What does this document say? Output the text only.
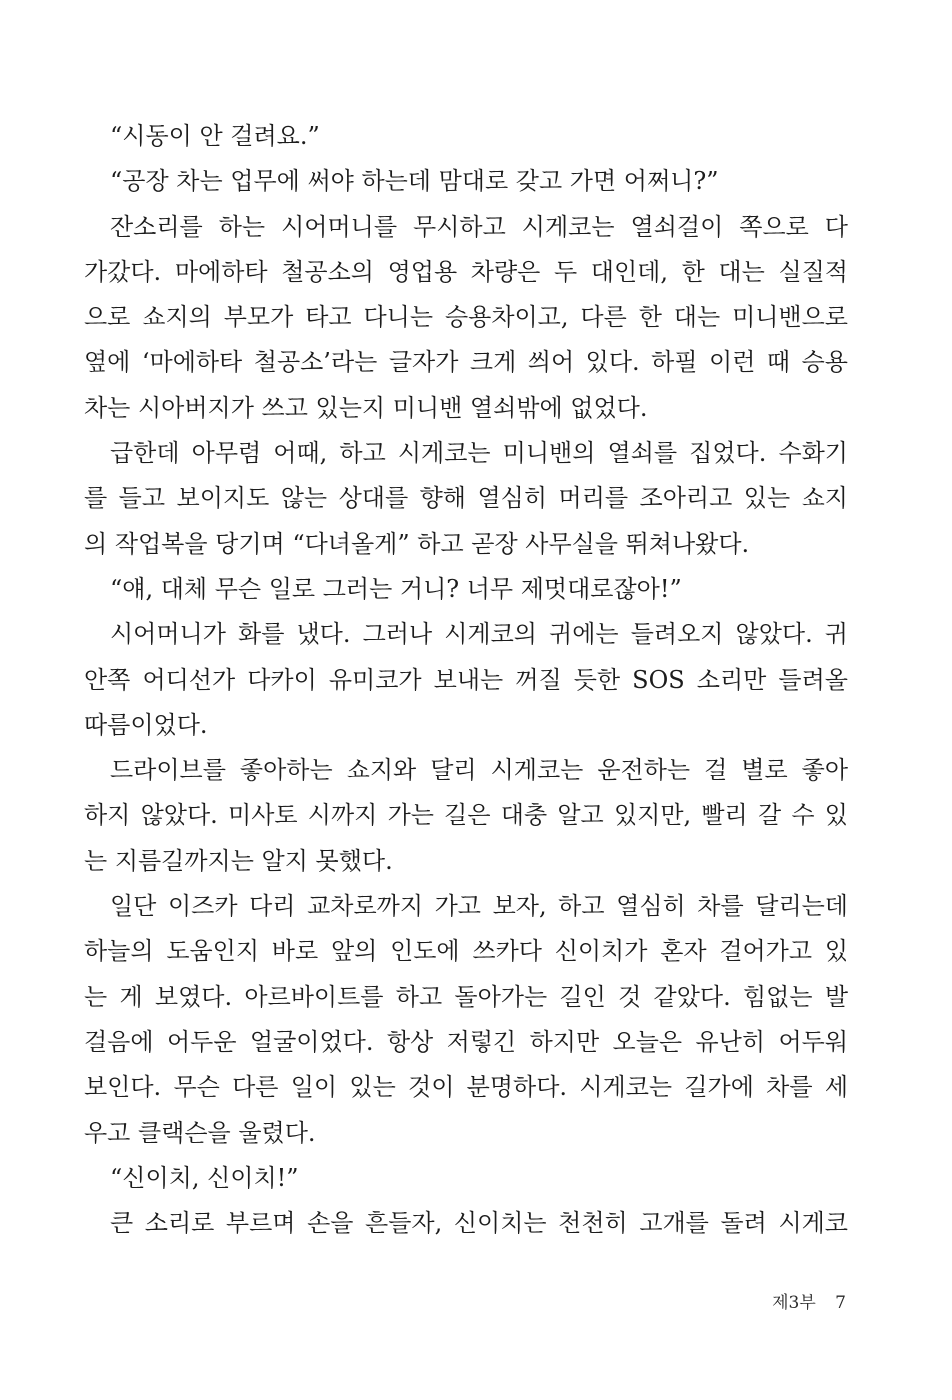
“시동이 안 걸려요.”
“공장 차는 업무에 써야 하는데 맘대로 갖고 가면 어쩌니?”
잔소리를 하는 시어머니를 무시하고 시게코는 열쇠걸이 쪽으로 다
가갔다. 마에하타 철공소의 영업용 차량은 두 대인데, 한 대는 실질적
으로 쇼지의 부모가 타고 다니는 승용차이고, 다른 한 대는 미니밴으로
옆에 ‘마에하타 철공소’라는 글자가 크게 씌어 있다. 하필 이런 때 승용
차는 시아버지가 쓰고 있는지 미니밴 열쇠밖에 없었다.
급한데 아무렴 어때, 하고 시게코는 미니밴의 열쇠를 집었다. 수화기
를 들고 보이지도 않는 상대를 향해 열심히 머리를 조아리고 있는 쇼지
의 작업복을 당기며 “다녀올게” 하고 곧장 사무실을 뛰쳐나왔다.
“얘, 대체 무슨 일로 그러는 거니? 너무 제멋대로잖아!”
시어머니가 화를 냈다. 그러나 시게코의 귀에는 들려오지 않았다. 귀
안쪽 어디선가 다카이 유미코가 보내는 꺼질 듯한 SOS 소리만 들려올
따름이었다.
드라이브를 좋아하는 쇼지와 달리 시게코는 운전하는 걸 별로 좋아
하지 않았다. 미사토 시까지 가는 길은 대충 알고 있지만, 빨리 갈 수 있
는 지름길까지는 알지 못했다.
일단 이즈카 다리 교차로까지 가고 보자, 하고 열심히 차를 달리는데
하늘의 도움인지 바로 앞의 인도에 쓰카다 신이치가 혼자 걸어가고 있
는 게 보였다. 아르바이트를 하고 돌아가는 길인 것 같았다. 힘없는 발
걸음에 어두운 얼굴이었다. 항상 저렇긴 하지만 오늘은 유난히 어두워
보인다. 무슨 다른 일이 있는 것이 분명하다. 시게코는 길가에 차를 세
우고 클랙슨을 울렸다.
“신이치, 신이치!”
큰 소리로 부르며 손을 흔들자, 신이치는 천천히 고개를 돌려 시게코
제3부 7
